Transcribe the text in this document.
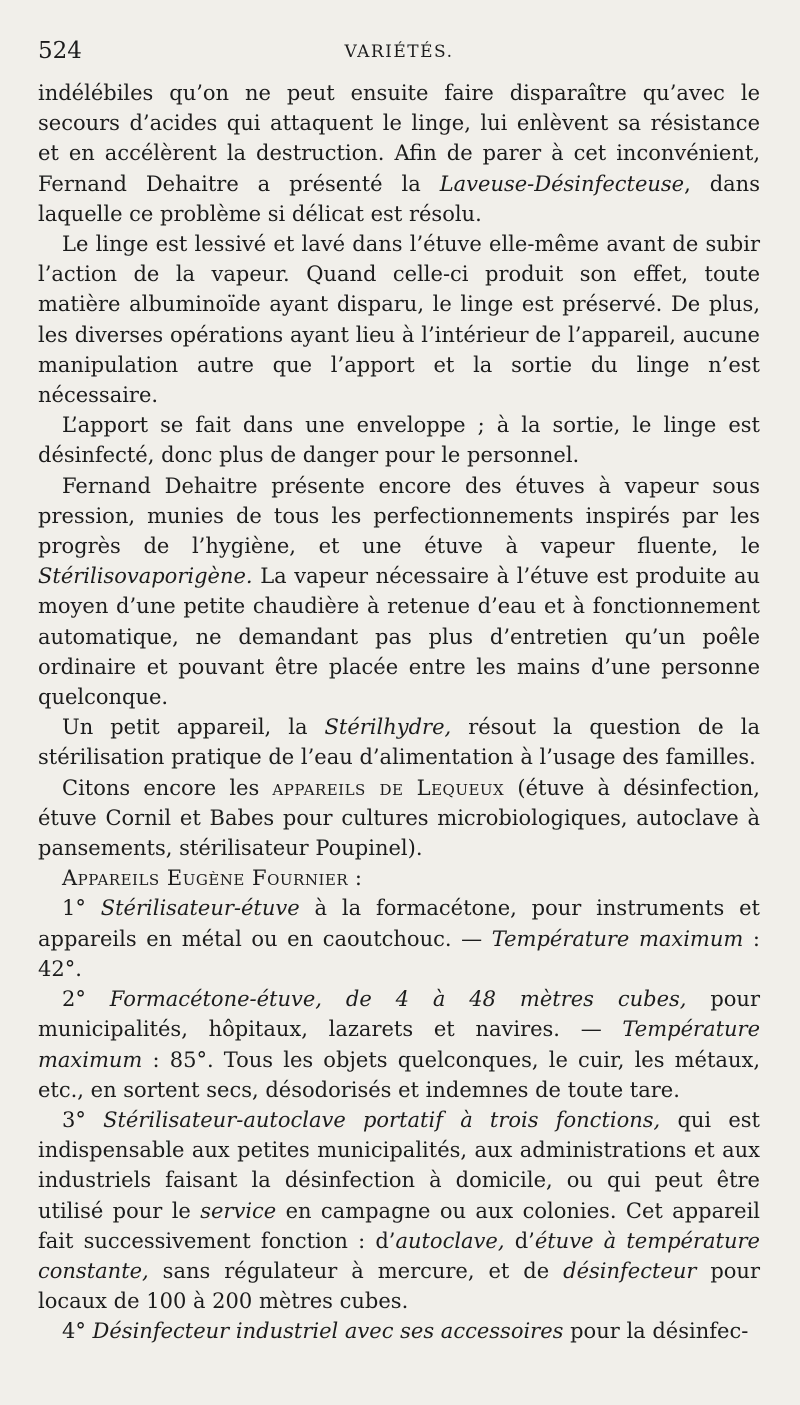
524	VARIÉTÉS.

indélébiles qu’on ne peut ensuite faire disparaître qu’avec le secours d’acides qui attaquent le linge, lui enlèvent sa résistance et en accélèrent la destruction. Afin de parer à cet inconvénient, Fernand Dehaitre a présenté la Laveuse-Désinfecteuse, dans laquelle ce problème si délicat est résolu.

Le linge est lessivé et lavé dans l’étuve elle-même avant de subir l’action de la vapeur. Quand celle-ci produit son effet, toute matière albuminoïde ayant disparu, le linge est préservé. De plus, les diverses opérations ayant lieu à l’intérieur de l’appareil, aucune manipulation autre que l’apport et la sortie du linge n’est nécessaire.

L’apport se fait dans une enveloppe ; à la sortie, le linge est désinfecté, donc plus de danger pour le personnel.

Fernand Dehaitre présente encore des étuves à vapeur sous pression, munies de tous les perfectionnements inspirés par les progrès de l’hygiène, et une étuve à vapeur fluente, le Stérilisovaporigène. La vapeur nécessaire à l’étuve est produite au moyen d’une petite chaudière à retenue d’eau et à fonctionnement automatique, ne demandant pas plus d’entretien qu’un poêle ordinaire et pouvant être placée entre les mains d’une personne quelconque.

Un petit appareil, la Stérilhydre, résout la question de la stérilisation pratique de l’eau d’alimentation à l’usage des familles.

Citons encore les appareils de Lequeux (étuve à désinfection, étuve Cornil et Babes pour cultures microbiologiques, autoclave à pansements, stérilisateur Poupinel).

Appareils Eugène Fournier :

1° Stérilisateur-étuve à la formacétone, pour instruments et appareils en métal ou en caoutchouc. — Température maximum : 42°.

2° Formacétone-étuve, de 4 à 48 mètres cubes, pour municipalités, hôpitaux, lazarets et navires. — Température maximum : 85°. Tous les objets quelconques, le cuir, les métaux, etc., en sortent secs, désodorisés et indemnes de toute tare.

3° Stérilisateur-autoclave portatif à trois fonctions, qui est indispensable aux petites municipalités, aux administrations et aux industriels faisant la désinfection à domicile, ou qui peut être utilisé pour le service en campagne ou aux colonies. Cet appareil fait successivement fonction : d’autoclave, d’étuve à température constante, sans régulateur à mercure, et de désinfecteur pour locaux de 100 à 200 mètres cubes.

4° Désinfecteur industriel avec ses accessoires pour la désinfec-
